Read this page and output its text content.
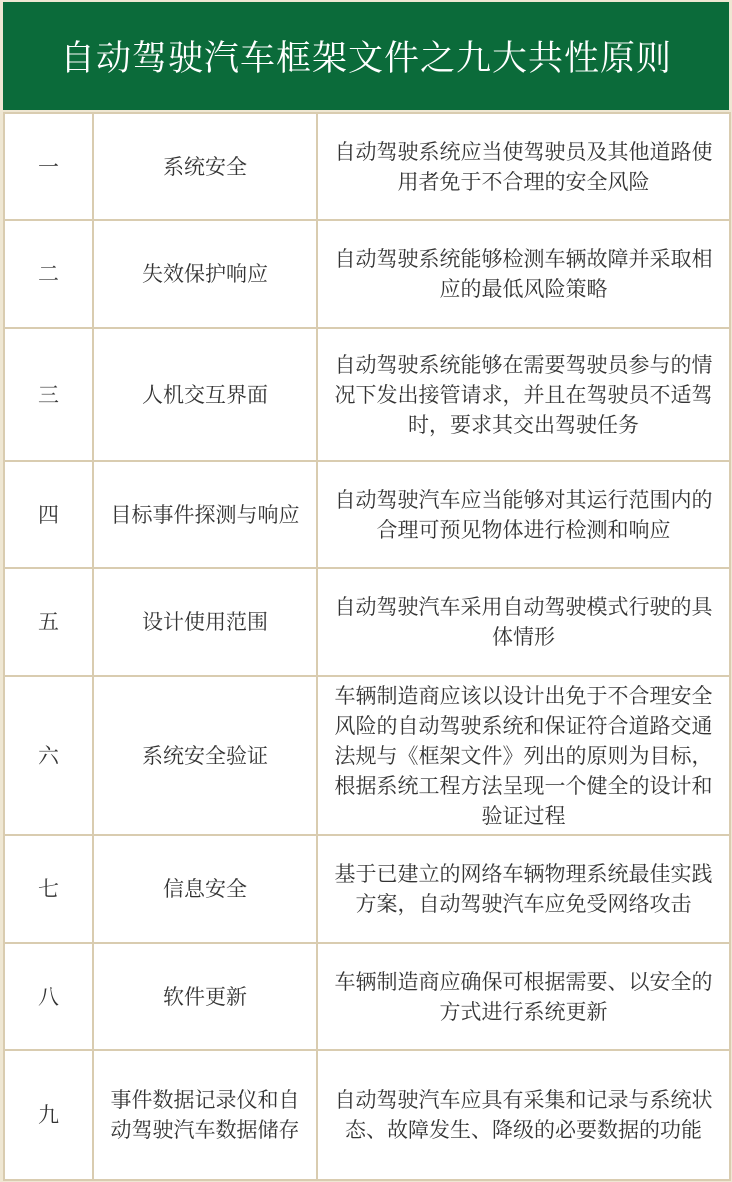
自动驾驶汽车框架文件之九大共性原则
一	系统安全	自动驾驶系统应当使驾驶员及其他道路使用者免于不合理的安全风险
二	失效保护响应	自动驾驶系统能够检测车辆故障并采取相应的最低风险策略
三	人机交互界面	自动驾驶系统能够在需要驾驶员参与的情况下发出接管请求，并且在驾驶员不适驾时，要求其交出驾驶任务
四	目标事件探测与响应	自动驾驶汽车应当能够对其运行范围内的合理可预见物体进行检测和响应
五	设计使用范围	自动驾驶汽车采用自动驾驶模式行驶的具体情形
六	系统安全验证	车辆制造商应该以设计出免于不合理安全风险的自动驾驶系统和保证符合道路交通法规与《框架文件》列出的原则为目标，根据系统工程方法呈现一个健全的设计和验证过程
七	信息安全	基于已建立的网络车辆物理系统最佳实践方案，自动驾驶汽车应免受网络攻击
八	软件更新	车辆制造商应确保可根据需要、以安全的方式进行系统更新
九	事件数据记录仪和自动驾驶汽车数据储存	自动驾驶汽车应具有采集和记录与系统状态、故障发生、降级的必要数据的功能
